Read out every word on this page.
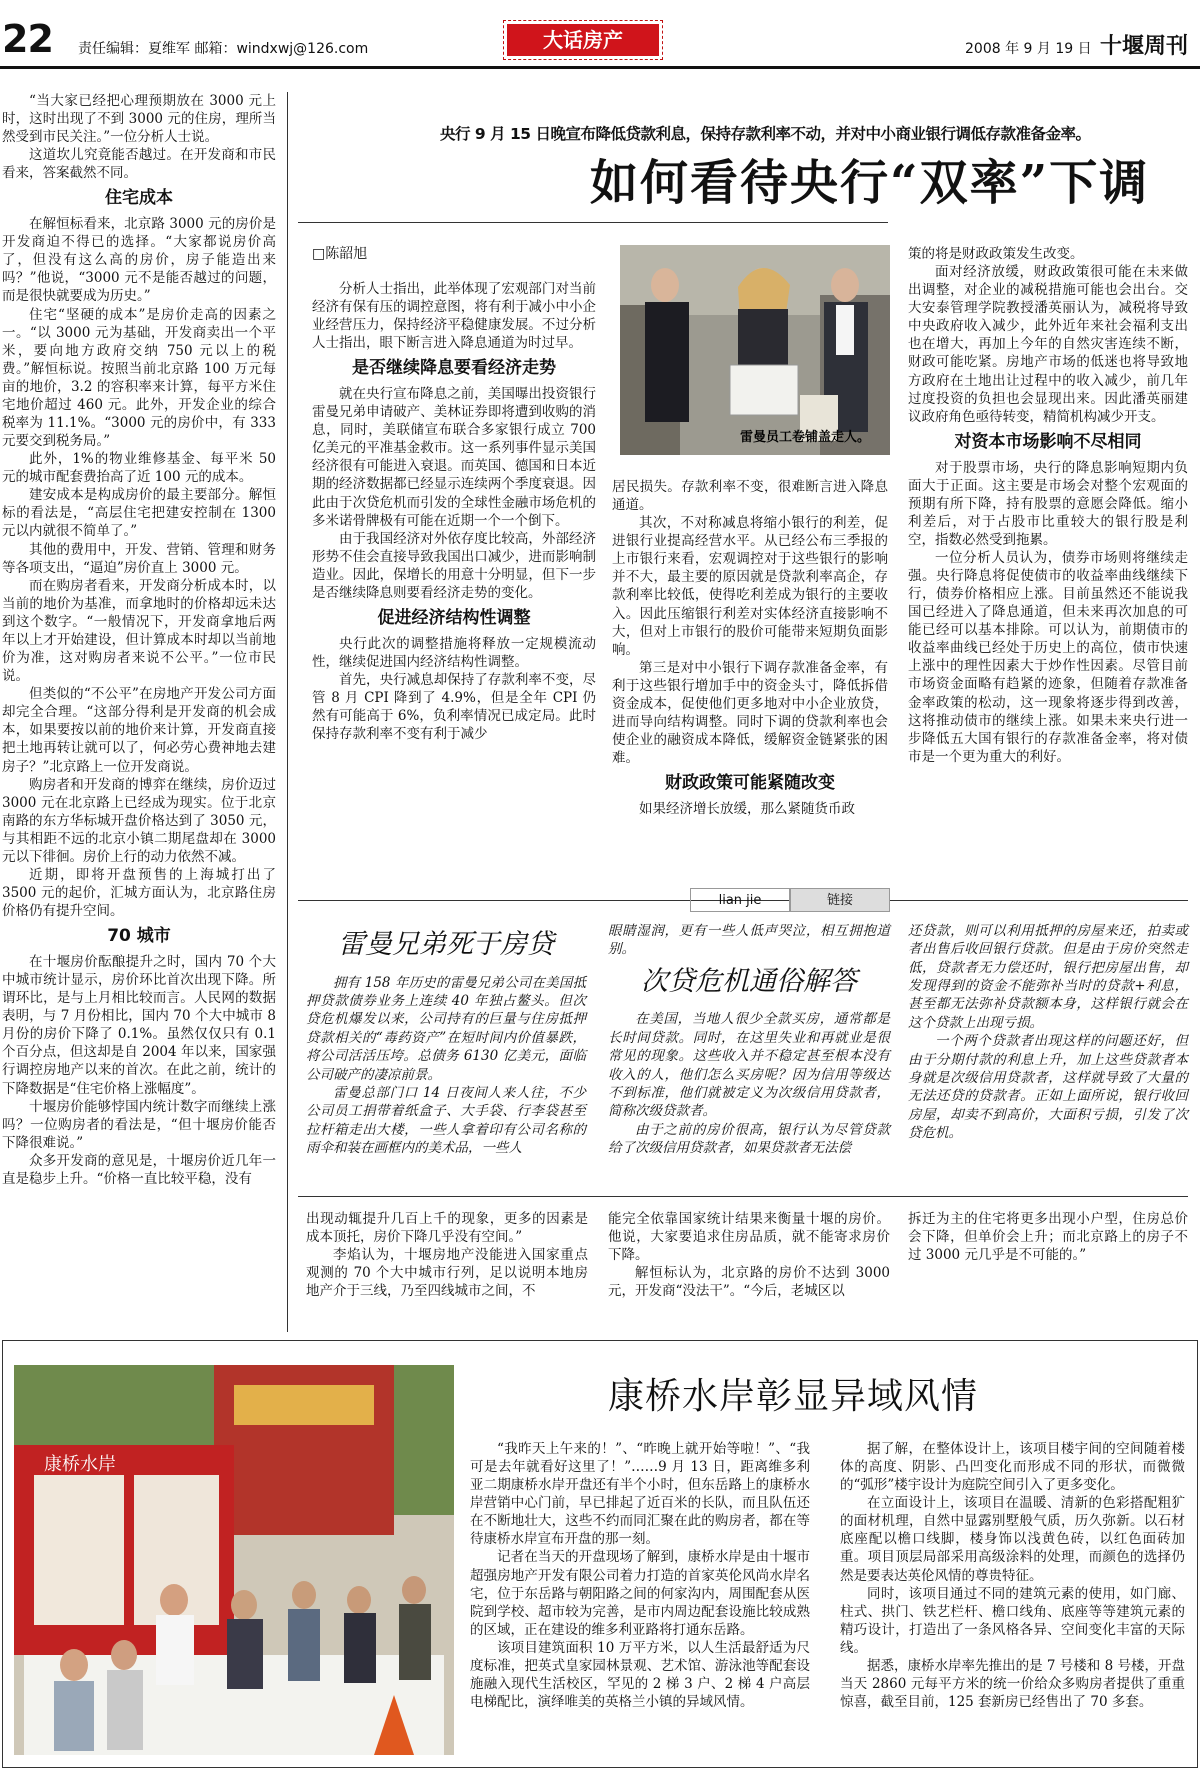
22 责任编辑：夏维军 邮箱：windxwj@126.com	大话房产	2008 年 9 月 19 日 十堰周刊

“当大家已经把心理预期放在 3000 元上时，这时出现了不到 3000 元的住房，理所当然受到市民关注。”一位分析人士说。

这道坎儿究竟能否越过。在开发商和市民看来，答案截然不同。

住宅成本

在解恒标看来，北京路 3000 元的房价是开发商迫不得已的选择。“大家都说房价高了，但没有这么高的房价，房子能造出来吗？”他说，“3000 元不是能否越过的问题，而是很快就要成为历史。”

住宅“坚硬的成本”是房价走高的因素之一。“以 3000 元为基础，开发商卖出一个平米，要向地方政府交纳 750 元以上的税费。”解恒标说。按照当前北京路 100 万元每亩的地价，3.2 的容积率来计算，每平方米住宅地价超过 460 元。此外，开发企业的综合税率为 11.1%。“3000 元的房价中，有 333 元要交到税务局。”

此外，1%的物业维修基金、每平米 50 元的城市配套费抬高了近 100 元的成本。

建安成本是构成房价的最主要部分。解恒标的看法是，“高层住宅把建安控制在 1300 元以内就很不简单了。”

其他的费用中，开发、营销、管理和财务等各项支出，“逼迫”房价直上 3000 元。

而在购房者看来，开发商分析成本时，以当前的地价为基准，而拿地时的价格却远未达到这个数字。“一般情况下，开发商拿地后两年以上才开始建设，但计算成本时却以当前地价为准，这对购房者来说不公平。”一位市民说。

但类似的“不公平”在房地产开发公司方面却完全合理。“这部分得利是开发商的机会成本，如果要按以前的地价来计算，开发商直接把土地再转让就可以了，何必劳心费神地去建房子？”北京路上一位开发商说。

购房者和开发商的博弈在继续，房价迈过 3000 元在北京路上已经成为现实。位于北京南路的东方华标城开盘价格达到了 3050 元，与其相距不远的北京小镇二期尾盘却在 3000 元以下徘徊。房价上行的动力依然不减。

近期，即将开盘预售的上海城打出了 3500 元的起价，汇城方面认为，北京路住房价格仍有提升空间。

70 城市

在十堰房价酝酿提升之时，国内 70 个大中城市统计显示，房价环比首次出现下降。所谓环比，是与上月相比较而言。人民网的数据表明，与 7 月份相比，国内 70 个大中城市 8 月份的房价下降了 0.1%。虽然仅仅只有 0.1 个百分点，但这却是自 2004 年以来，国家强行调控房地产以来的首次。在此之前，统计的下降数据是“住宅价格上涨幅度”。

十堰房价能够悖国内统计数字而继续上涨吗？一位购房者的看法是，“但十堰房价能否下降很难说。”

众多开发商的意见是，十堰房价近几年一直是稳步上升。“价格一直比较平稳，没有

央行 9 月 15 日晚宣布降低贷款利息，保持存款利率不动，并对中小商业银行调低存款准备金率。
如何看待央行“双率”下调
□陈韶旭

分析人士指出，此举体现了宏观部门对当前经济有保有压的调控意图，将有利于减小中小企业经营压力，保持经济平稳健康发展。不过分析人士指出，眼下断言进入降息通道为时过早。

是否继续降息要看经济走势

就在央行宣布降息之前，美国曝出投资银行雷曼兄弟申请破产、美林证券即将遭到收购的消息，同时，美联储宣布联合多家银行成立 700 亿美元的平准基金救市。这一系列事件显示美国经济很有可能进入衰退。而英国、德国和日本近期的经济数据都已经显示连续两个季度衰退。因此由于次贷危机而引发的全球性金融市场危机的多米诺骨牌极有可能在近期一个一个倒下。

由于我国经济对外依存度比较高，外部经济形势不佳会直接导致我国出口减少，进而影响制造业。因此，保增长的用意十分明显，但下一步是否继续降息则要看经济走势的变化。

促进经济结构性调整

央行此次的调整措施将释放一定规模流动性，继续促进国内经济结构性调整。

首先，央行减息却保持了存款利率不变，尽管 8 月 CPI 降到了 4.9%，但是全年 CPI 仍然有可能高于 6%，负利率情况已成定局。此时保持存款利率不变有利于减少

雷曼员工卷铺盖走人。

居民损失。存款利率不变，很难断言进入降息通道。

其次，不对称减息将缩小银行的利差，促进银行业提高经营水平。从已经公布三季报的上市银行来看，宏观调控对于这些银行的影响并不大，最主要的原因就是贷款利率高企，存款利率比较低，使得吃利差成为银行的主要收入。因此压缩银行利差对实体经济直接影响不大，但对上市银行的股价可能带来短期负面影响。

第三是对中小银行下调存款准备金率，有利于这些银行增加手中的资金头寸，降低拆借资金成本，促使他们更多地对中小企业放贷，进而导向结构调整。同时下调的贷款利率也会使企业的融资成本降低，缓解资金链紧张的困难。

财政政策可能紧随改变

如果经济增长放缓，那么紧随货币政

策的将是财政政策发生改变。

面对经济放缓，财政政策很可能在未来做出调整，对企业的减税措施可能也会出台。交大安泰管理学院教授潘英丽认为，减税将导致中央政府收入减少，此外近年来社会福利支出也在增大，再加上今年的自然灾害连续不断，财政可能吃紧。房地产市场的低迷也将导致地方政府在土地出让过程中的收入减少，前几年过度投资的负担也会显现出来。因此潘英丽建议政府角色亟待转变，精简机构减少开支。

对资本市场影响不尽相同

对于股票市场，央行的降息影响短期内负面大于正面。这主要是市场会对整个宏观面的预期有所下降，持有股票的意愿会降低。缩小利差后，对于占股市比重较大的银行股是利空，指数必然受到拖累。

一位分析人员认为，债券市场则将继续走强。央行降息将促使债市的收益率曲线继续下行，债券价格相应上涨。目前虽然还不能说我国已经进入了降息通道，但未来再次加息的可能已经可以基本排除。可以认为，前期债市的收益率曲线已经处于历史上的高位，债市快速上涨中的理性因素大于炒作性因素。尽管目前市场资金面略有趋紧的迹象，但随着存款准备金率政策的松动，这一现象将逐步得到改善，这将推动债市的继续上涨。如果未来央行进一步降低五大国有银行的存款准备金率，将对债市是一个更为重大的利好。

lian jie	链接
雷曼兄弟死于房贷

拥有 158 年历史的雷曼兄弟公司在美国抵押贷款债券业务上连续 40 年独占鳌头。但次贷危机爆发以来，公司持有的巨量与住房抵押贷款相关的“毒药资产”在短时间内价值暴跌，将公司活活压垮。总债务 6130 亿美元，面临公司破产的凄凉前景。

雷曼总部门口 14 日夜间人来人往，不少公司员工捐带着纸盒子、大手袋、行李袋甚至拉杆箱走出大楼，一些人拿着印有公司名称的雨伞和装在画框内的美术品，一些人

眼睛湿润，更有一些人低声哭泣，相互拥抱道别。

次贷危机通俗解答

在美国，当地人很少全款买房，通常都是长时间贷款。同时，在这里失业和再就业是很常见的现象。这些收入并不稳定甚至根本没有收入的人，他们怎么买房呢？因为信用等级达不到标准，他们就被定义为次级信用贷款者，简称次级贷款者。

由于之前的房价很高，银行认为尽管贷款给了次级信用贷款者，如果贷款者无法偿

还贷款，则可以利用抵押的房屋来还，拍卖或者出售后收回银行贷款。但是由于房价突然走低，贷款者无力偿还时，银行把房屋出售，却发现得到的资金不能弥补当时的贷款+利息，甚至都无法弥补贷款额本身，这样银行就会在这个贷款上出现亏损。

一个两个贷款者出现这样的问题还好，但由于分期付款的利息上升，加上这些贷款者本身就是次级信用贷款者，这样就导致了大量的无法还贷的贷款者。正如上面所说，银行收回房屋，却卖不到高价，大面积亏损，引发了次贷危机。

出现动辄提升几百上千的现象，更多的因素是成本顶托，房价下降几乎没有空间。”

李焰认为，十堰房地产没能进入国家重点观测的 70 个大中城市行列，足以说明本地房地产介于三线，乃至四线城市之间，不

能完全依靠国家统计结果来衡量十堰的房价。他说，大家要追求住房品质，就不能寄求房价下降。

解恒标认为，北京路的房价不达到 3000 元，开发商“没法干”。“今后，老城区以

拆迁为主的住宅将更多出现小户型，住房总价会下降，但单价会上升；而北京路上的房子不过 3000 元几乎是不可能的。”

康桥水岸
康桥水岸彰显异域风情

“我昨天上午来的！”、“昨晚上就开始等啦！”、“我可是去年就看好这里了！”……9 月 13 日，距离维多利亚二期康桥水岸开盘还有半个小时，但东岳路上的康桥水岸营销中心门前，早已排起了近百米的长队，而且队伍还在不断地壮大，这些不约而同汇聚在此的购房者，都在等待康桥水岸宣布开盘的那一刻。

记者在当天的开盘现场了解到，康桥水岸是由十堰市超强房地产开发有限公司着力打造的首家英伦风尚水岸名宅，位于东岳路与朝阳路之间的何家沟内，周围配套从医院到学校、超市较为完善，是市内周边配套设施比较成熟的区域，正在建设的维多利亚路将打通东岳路。

该项目建筑面积 10 万平方米，以人生活最舒适为尺度标准，把英式皇家园林景观、艺术馆、游泳池等配套设施融入现代生活校区，罕见的 2 梯 3 户、2 梯 4 户高层电梯配比，演绎唯美的英格兰小镇的异域风情。

据了解，在整体设计上，该项目楼宇间的空间随着楼体的高度、阴影、凸凹变化而形成不同的形状，而微微的“弧形”楼宇设计为庭院空间引入了更多变化。

在立面设计上，该项目在温暖、清新的色彩搭配粗犷的面材机理，自然中显露别墅般气质，历久弥新。以石材底座配以檐口线脚，楼身饰以浅黄色砖，以红色面砖加重。项目顶层局部采用高级涂料的处理，而颜色的选择仍然是要表达英伦风情的尊贵特征。

同时，该项目通过不同的建筑元素的使用，如门廊、柱式、拱门、铁艺栏杆、檐口线角、底座等等建筑元素的精巧设计，打造出了一条风格各异、空间变化丰富的天际线。

据悉，康桥水岸率先推出的是 7 号楼和 8 号楼，开盘当天 2860 元每平方米的统一价给众多购房者提供了重重惊喜，截至目前，125 套新房已经售出了 70 多套。
